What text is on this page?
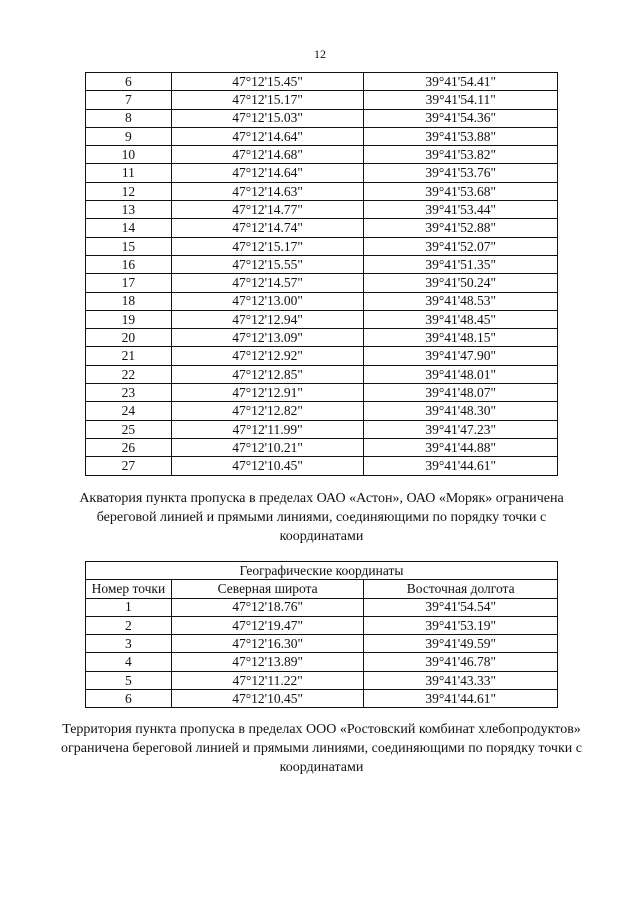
12
6	47°12'15.45"	39°41'54.41"
7	47°12'15.17"	39°41'54.11"
8	47°12'15.03"	39°41'54.36"
9	47°12'14.64"	39°41'53.88"
10	47°12'14.68"	39°41'53.82"
11	47°12'14.64"	39°41'53.76"
12	47°12'14.63"	39°41'53.68"
13	47°12'14.77"	39°41'53.44"
14	47°12'14.74"	39°41'52.88"
15	47°12'15.17"	39°41'52.07"
16	47°12'15.55"	39°41'51.35"
17	47°12'14.57"	39°41'50.24"
18	47°12'13.00"	39°41'48.53"
19	47°12'12.94"	39°41'48.45"
20	47°12'13.09"	39°41'48.15"
21	47°12'12.92"	39°41'47.90"
22	47°12'12.85"	39°41'48.01"
23	47°12'12.91"	39°41'48.07"
24	47°12'12.82"	39°41'48.30"
25	47°12'11.99"	39°41'47.23"
26	47°12'10.21"	39°41'44.88"
27	47°12'10.45"	39°41'44.61"
Акватория пункта пропуска в пределах ОАО «Астон», ОАО «Моряк» ограничена береговой линией и прямыми линиями, соединяющими по порядку точки с координатами
Географические координаты		
Номер точки	Северная широта	Восточная долгота
1	47°12'18.76"	39°41'54.54"
2	47°12'19.47"	39°41'53.19"
3	47°12'16.30"	39°41'49.59"
4	47°12'13.89"	39°41'46.78"
5	47°12'11.22"	39°41'43.33"
6	47°12'10.45"	39°41'44.61"
Территория пункта пропуска в пределах ООО «Ростовский комбинат хлебопродуктов» ограничена береговой линией и прямыми линиями, соединяющими по порядку точки с координатами
